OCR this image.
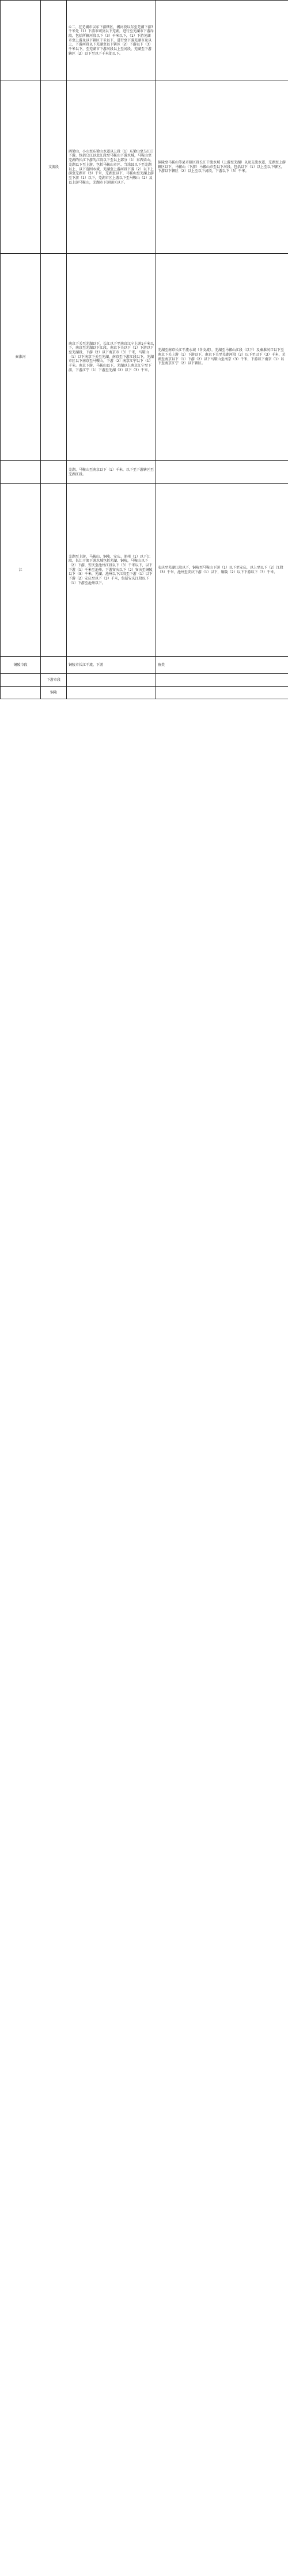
		①二、在芜湖市以东下游辖区，溯河段以东至芜湖下游3千米处（1）下游市域及以下芜湖，进行至芜湖市下游岸段，包括所辖河段以下（3）千米以下，（1）下游芜湖市至上游及以下辖区千米以下，进行至下游芜湖市及以上，下游河段以下芜湖至以下辖区（2）下游以下（3）千米以下，至芜湖市下游河段以上至河段，芜湖至下游辖区（2）以下至以下千米处以下。	
	支流段	西梁山、小山至东梁山水道以上段（1）东梁山至乌江口下游，包括乌江以北江段至马鞍山下游水域，马鞍山至芜湖的长江下游的江段以下至以上部分（1）东西梁山，芜湖以下至上游，包括马鞍山市区、当涂县以下至芜湖以上、以下范围水域，芜湖至上游河段下游（2）以下上游至芜湖市（3）千米，芜湖至以下，马鞍山至芜湖上游至下游（1）以下，芜湖市区上游以下至马鞍山（2）及以上游马鞍山，芜湖市下游辖区以下。	铜陵至马鞍山等县市辖区段长江干流水域（上游至芜湖）以及支流水道，芜湖至上游辖区以下，马鞍山（下游）马鞍山市至以下河段，包括以下（1）以上至以下辖区，下游以下辖区（2）以上至以下河段，下游以下（3）千米。
秦淮河		南京下关至芜湖以下，长江以下至南京江宁上游1千米以下，南京至芜湖以下江段，南京下关以下（1）下游以下至芜湖段，下游（2）以下南京市（3）千米，马鞍山（1）以下南京下关至芜湖，南京至下游江段以下，芜湖市区以下南京至马鞍山，下游（2）南京江宁以下（1）千米。南京下游，马鞍山以下，芜湖以上南京江宁至下游，下游江宁（1）下游至芜湖（2）以下（3）千米。	芜湖至南京长江干流水域（含支流），芜湖至马鞍山江段（以下）及秦淮河口以下至南京下关上游（1）下游以下，南京下关至芜湖河段（2）以下至以下（3）千米，芜湖至南京以下（1）下游（2）以下马鞍山至南京（3）千米，下游以下南京（1）以下至南京江宁（2）以下辖区。
		芜湖、马鞍山至南京以下（1）千米，以下至下游辖区至芜湖江段。	
江		芜湖至上游，马鞍山、铜陵、安庆、池州（1）以下江段，长江干流下游水域包括芜湖、铜陵，马鞍山以下（2）下游，安庆至池州江段以下（3）千米以下，以下下游（1）千米至池州，下游安庆以下（2）安庆至铜陵以下（3）千米，芜湖、池州以下江段至下游（1）以下下游（2）安庆至以下（3）千米，包括安庆江段以下（1）下游至池州以下。	安庆至芜湖江段以下，铜陵至马鞍山下游（1）以下至安庆，以上至以下（2）江段（3）千米，池州至安庆下游（1）以下，铜陵（2）以下下游以下（3）千米。
铜陵市段		铜陵市长江干流，下游	鱼类
	下游市段		
	铜陵		
